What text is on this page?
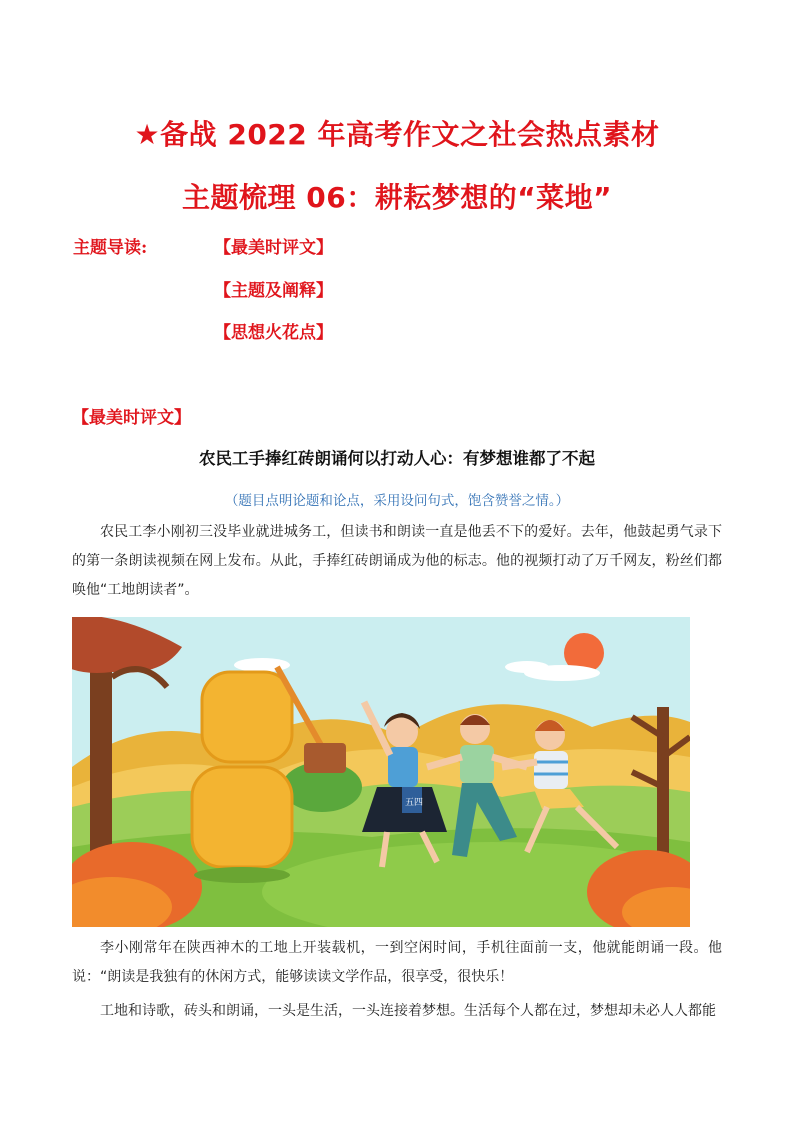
★备战 2022 年高考作文之社会热点素材
主题梳理 06：耕耘梦想的“菜地”
主题导读:	【最美时评文】
【主题及阐释】
【思想火花点】
【最美时评文】
农民工手捧红砖朗诵何以打动人心：有梦想谁都了不起
（题目点明论题和论点，采用设问句式，饱含赞誉之情。）
农民工李小刚初三没毕业就进城务工，但读书和朗读一直是他丢不下的爱好。去年，他鼓起勇气录下的第一条朗读视频在网上发布。从此，手捧红砖朗诵成为他的标志。他的视频打动了万千网友，粉丝们都唤他“工地朗读者”。
五四
李小刚常年在陕西神木的工地上开装载机，一到空闲时间，手机往面前一支，他就能朗诵一段。他说：“朗读是我独有的休闲方式，能够读读文学作品，很享受，很快乐！
工地和诗歌，砖头和朗诵，一头是生活，一头连接着梦想。生活每个人都在过，梦想却未必人人都能
